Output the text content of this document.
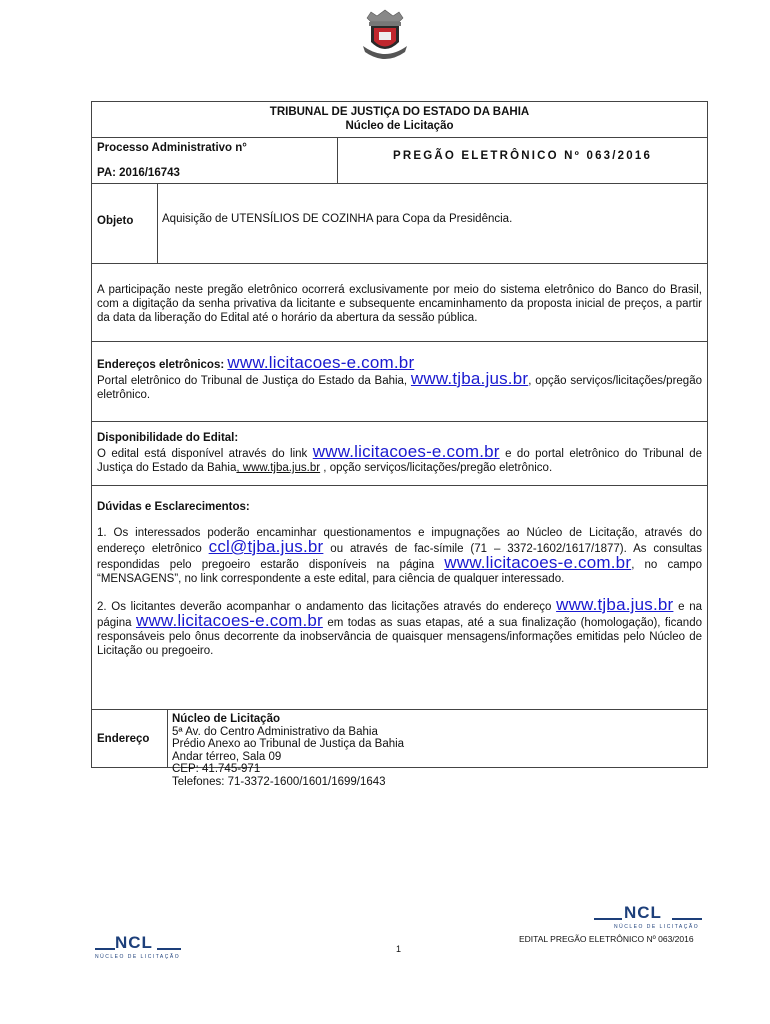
TRIBUNAL DE JUSTIÇA DO ESTADO DA BAHIA
Núcleo de Licitação
Processo Administrativo n°
PA: 2016/16743
PREGÃO ELETRÔNICO Nº 063/2016
Objeto	Aquisição de UTENSÍLIOS DE COZINHA para Copa da Presidência.
A participação neste pregão eletrônico ocorrerá exclusivamente por meio do sistema eletrônico do Banco do Brasil, com a digitação da senha privativa da licitante e subsequente encaminhamento da proposta inicial de preços, a partir da data da liberação do Edital até o horário da abertura da sessão pública.
Endereços eletrônicos: www.licitacoes-e.com.br
Portal eletrônico do Tribunal de Justiça do Estado da Bahia, www.tjba.jus.br, opção serviços/licitações/pregão eletrônico.
Disponibilidade do Edital:
O edital está disponível através do link www.licitacoes-e.com.br e do portal eletrônico do Tribunal de Justiça do Estado da Bahia, www.tjba.jus.br , opção serviços/licitações/pregão eletrônico.
Dúvidas e Esclarecimentos:
1. Os interessados poderão encaminhar questionamentos e impugnações ao Núcleo de Licitação, através do endereço eletrônico ccl@tjba.jus.br ou através de fac-símile (71 – 3372-1602/1617/1877). As consultas respondidas pelo pregoeiro estarão disponíveis na página www.licitacoes-e.com.br, no campo “MENSAGENS”, no link correspondente a este edital, para ciência de qualquer interessado.
2. Os licitantes deverão acompanhar o andamento das licitações através do endereço www.tjba.jus.br e na página www.licitacoes-e.com.br em todas as suas etapas, até a sua finalização (homologação), ficando responsáveis pelo ônus decorrente da inobservância de quaisquer mensagens/informações emitidas pelo Núcleo de Licitação ou pregoeiro.
Endereço
Núcleo de Licitação
5ª Av. do Centro Administrativo da Bahia
Prédio Anexo ao Tribunal de Justiça da Bahia
Andar térreo, Sala 09
CEP: 41.745-971
Telefones: 71-3372-1600/1601/1699/1643
NCL
NÚCLEO DE LICITAÇÃO
EDITAL PREGÃO ELETRÔNICO Nº 063/2016
NCL
NÚCLEO DE LICITAÇÃO
1
